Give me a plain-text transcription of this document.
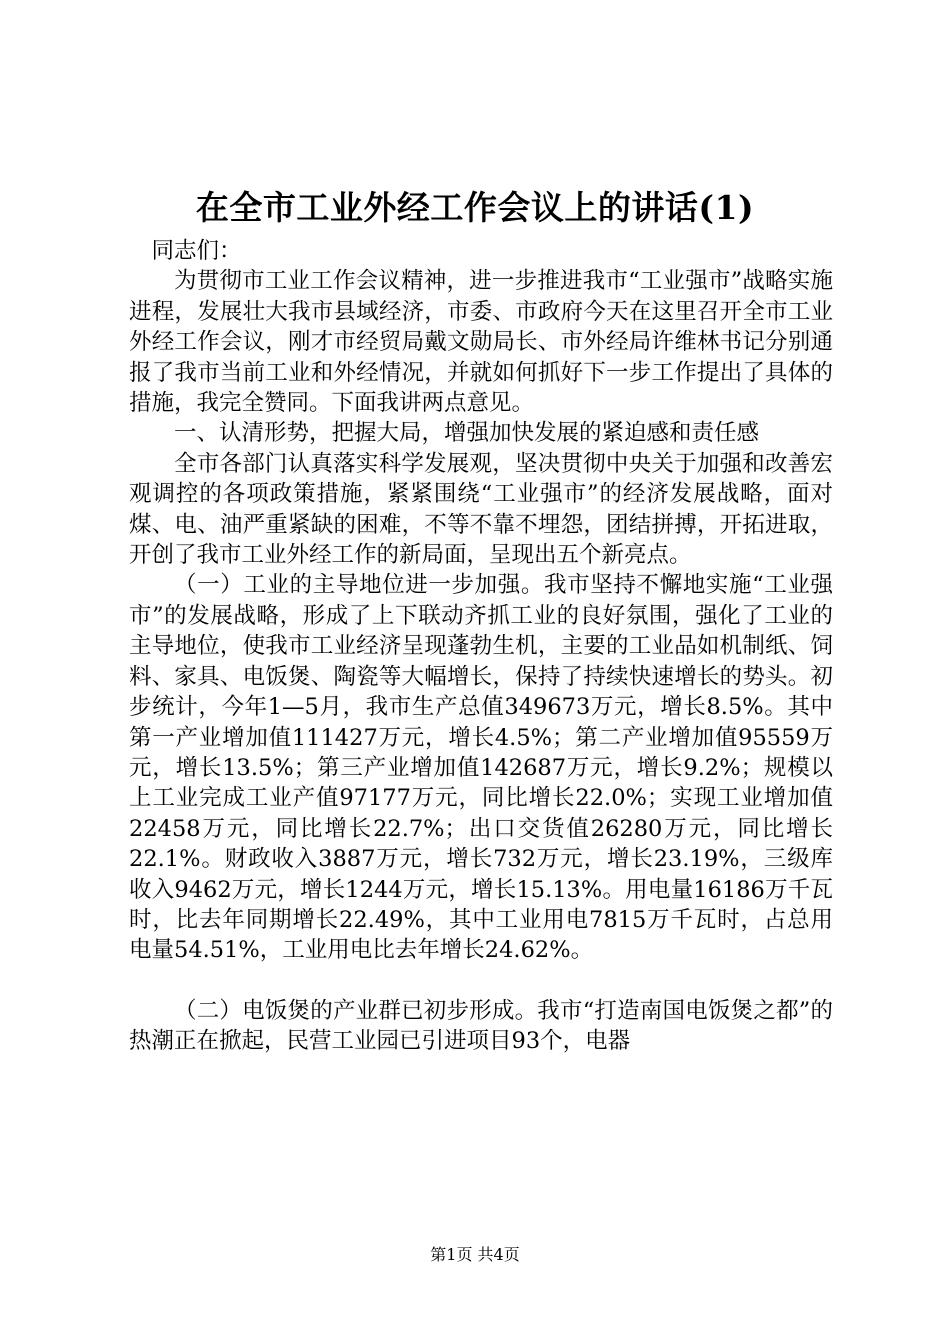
在全市工业外经工作会议上的讲话(1)

同志们：

为贯彻市工业工作会议精神，进一步推进我市“工业强市”战略实施进程，发展壮大我市县域经济，市委、市政府今天在这里召开全市工业外经工作会议，刚才市经贸局戴文勋局长、市外经局许维林书记分别通报了我市当前工业和外经情况，并就如何抓好下一步工作提出了具体的措施，我完全赞同。下面我讲两点意见。

一、认清形势，把握大局，增强加快发展的紧迫感和责任感

全市各部门认真落实科学发展观，坚决贯彻中央关于加强和改善宏观调控的各项政策措施，紧紧围绕“工业强市”的经济发展战略，面对煤、电、油严重紧缺的困难，不等不靠不埋怨，团结拼搏，开拓进取，开创了我市工业外经工作的新局面，呈现出五个新亮点。

（一）工业的主导地位进一步加强。我市坚持不懈地实施“工业强市”的发展战略，形成了上下联动齐抓工业的良好氛围，强化了工业的主导地位，使我市工业经济呈现蓬勃生机，主要的工业品如机制纸、饲料、家具、电饭煲、陶瓷等大幅增长，保持了持续快速增长的势头。初步统计，今年1—5月，我市生产总值349673万元，增长8.5%。其中第一产业增加值111427万元，增长4.5%；第二产业增加值95559万元，增长13.5%；第三产业增加值142687万元，增长9.2%；规模以上工业完成工业产值97177万元，同比增长22.0%；实现工业增加值22458万元，同比增长22.7%；出口交货值26280万元，同比增长22.1%。财政收入3887万元，增长732万元，增长23.19%，三级库收入9462万元，增长1244万元，增长15.13%。用电量16186万千瓦时，比去年同期增长22.49%，其中工业用电7815万千瓦时，占总用电量54.51%，工业用电比去年增长24.62%。

（二）电饭煲的产业群已初步形成。我市“打造南国电饭煲之都”的热潮正在掀起，民营工业园已引进项目93个，电器

第1页 共4页
